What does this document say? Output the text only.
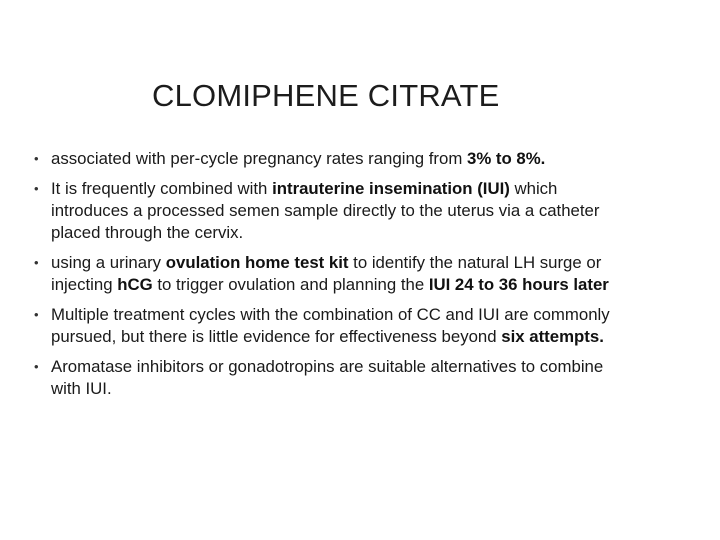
CLOMIPHENE CITRATE
• associated with per-cycle pregnancy rates ranging from 3% to 8%.
• It is frequently combined with intrauterine insemination (IUI) which
introduces a processed semen sample directly to the uterus via a catheter
placed through the cervix.
• using a urinary ovulation home test kit to identify the natural LH surge or
injecting hCG to trigger ovulation and planning the IUI 24 to 36 hours later
• Multiple treatment cycles with the combination of CC and IUI are commonly
pursued, but there is little evidence for effectiveness beyond six attempts.
• Aromatase inhibitors or gonadotropins are suitable alternatives to combine
with IUI.
